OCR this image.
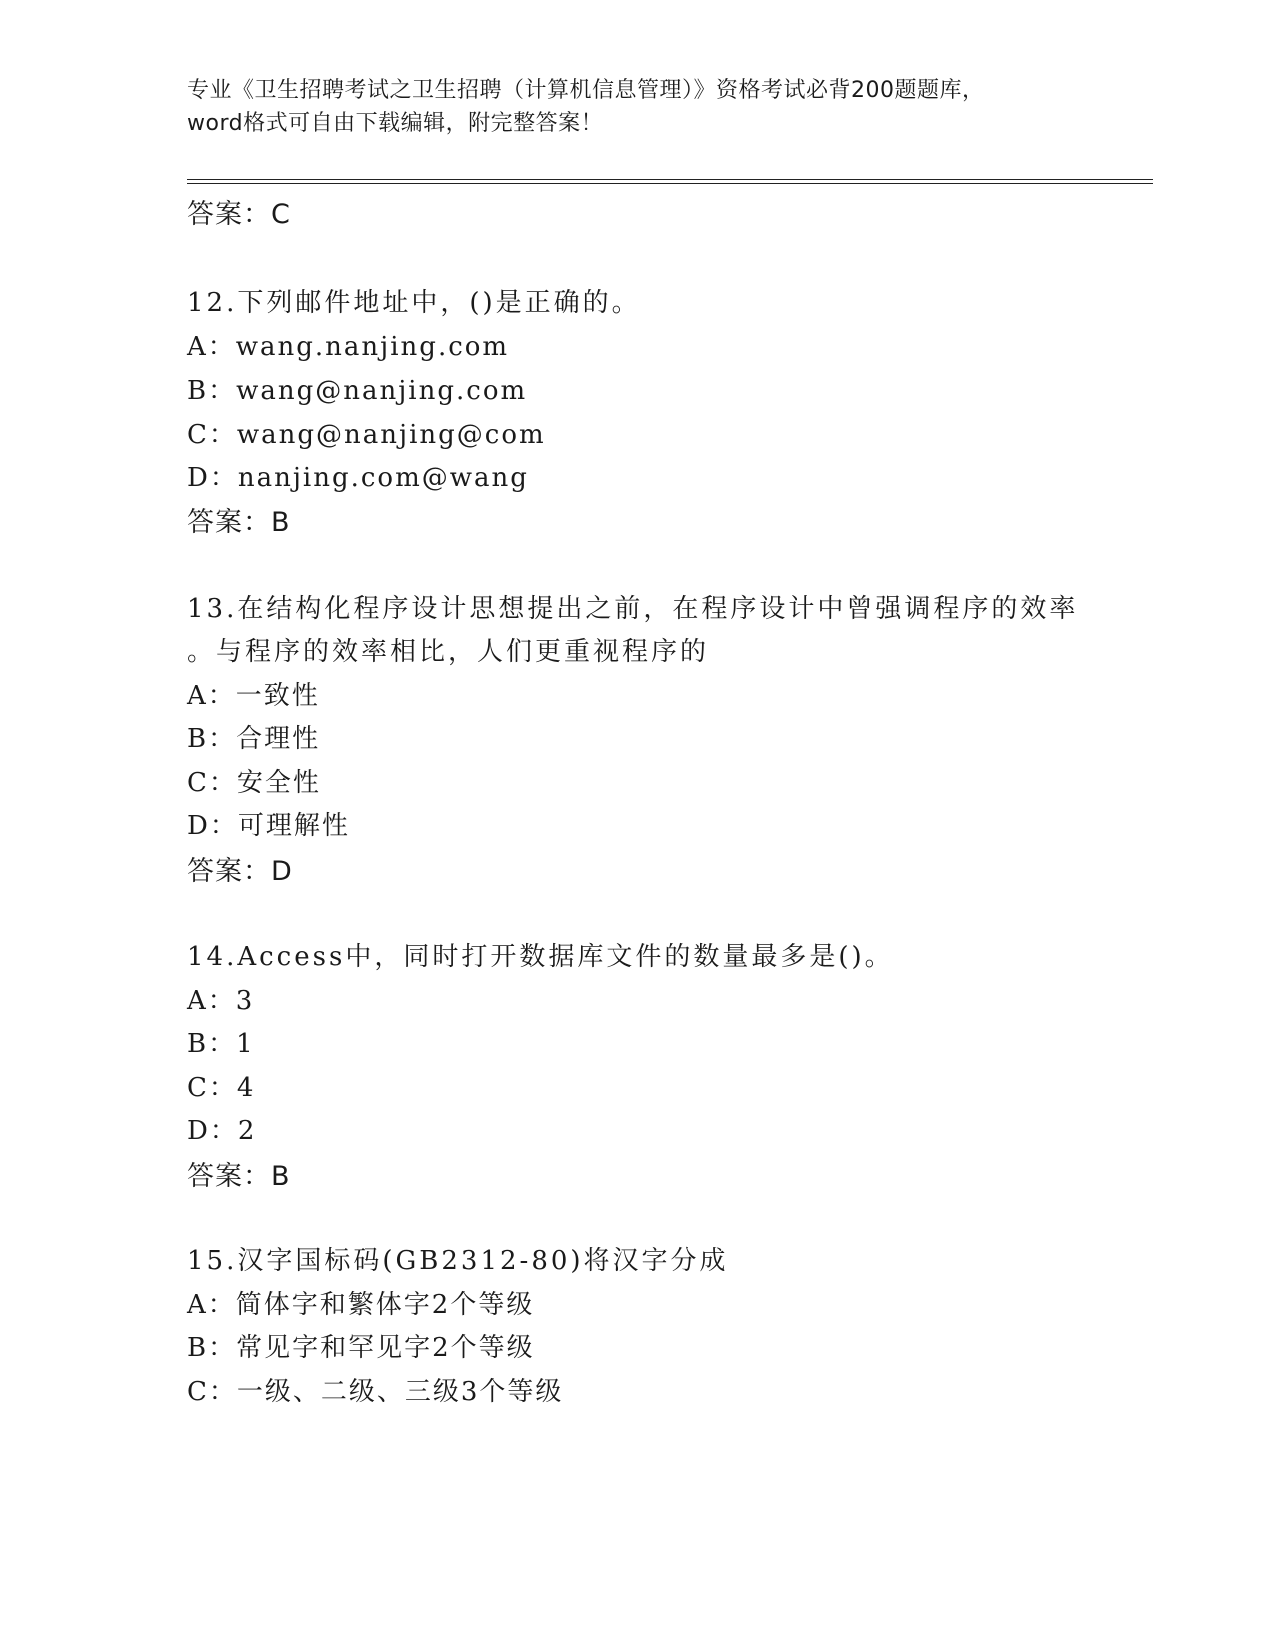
专业《卫生招聘考试之卫生招聘（计算机信息管理）》资格考试必背200题题库，
word格式可自由下载编辑，附完整答案！
答案：C
12.下列邮件地址中，()是正确的。
A：wang.nanjing.com
B：wang@nanjing.com
C：wang@nanjing@com
D：nanjing.com@wang
答案：B
13.在结构化程序设计思想提出之前，在程序设计中曾强调程序的效率
。与程序的效率相比，人们更重视程序的
A：一致性
B：合理性
C：安全性
D：可理解性
答案：D
14.Access中，同时打开数据库文件的数量最多是()。
A：3
B：1
C：4
D：2
答案：B
15.汉字国标码(GB2312-80)将汉字分成
A：简体字和繁体字2个等级
B：常见字和罕见字2个等级
C：一级、二级、三级3个等级
